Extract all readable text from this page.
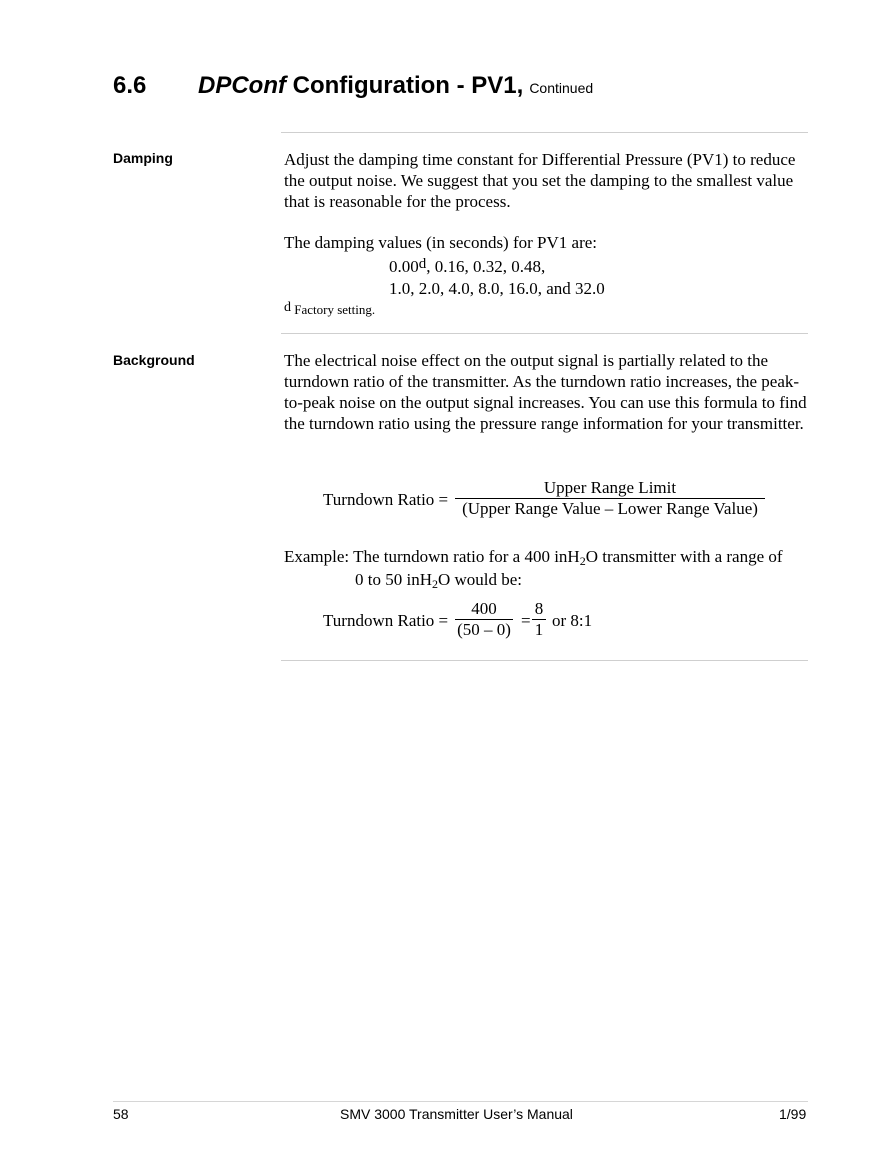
6.6 DPConf Configuration - PV1, Continued
Damping	Adjust the damping time constant for Differential Pressure (PV1) to reduce the output noise. We suggest that you set the damping to the smallest value that is reasonable for the process.

The damping values (in seconds) for PV1 are:

0.00$^d$, 0.16, 0.32, 0.48,
1.0, 2.0, 4.0, 8.0, 16.0, and 32.0
d Factory setting.
Background	The electrical noise effect on the output signal is partially related to the turndown ratio of the transmitter. As the turndown ratio increases, the peak-to-peak noise on the output signal increases. You can use this formula to find the turndown ratio using the pressure range information for your transmitter.

Turndown Ratio =
Upper Range Limit
(Upper Range Value – Lower Range Value)
Example: The turndown ratio for a 400 inH$_2$O transmitter with a range of
0 to 50 inH$_2$O would be:
Turndown Ratio =
400
(50 – 0) =
8
1 or 8:1
58	SMV 3000 Transmitter User’s Manual	1/99
